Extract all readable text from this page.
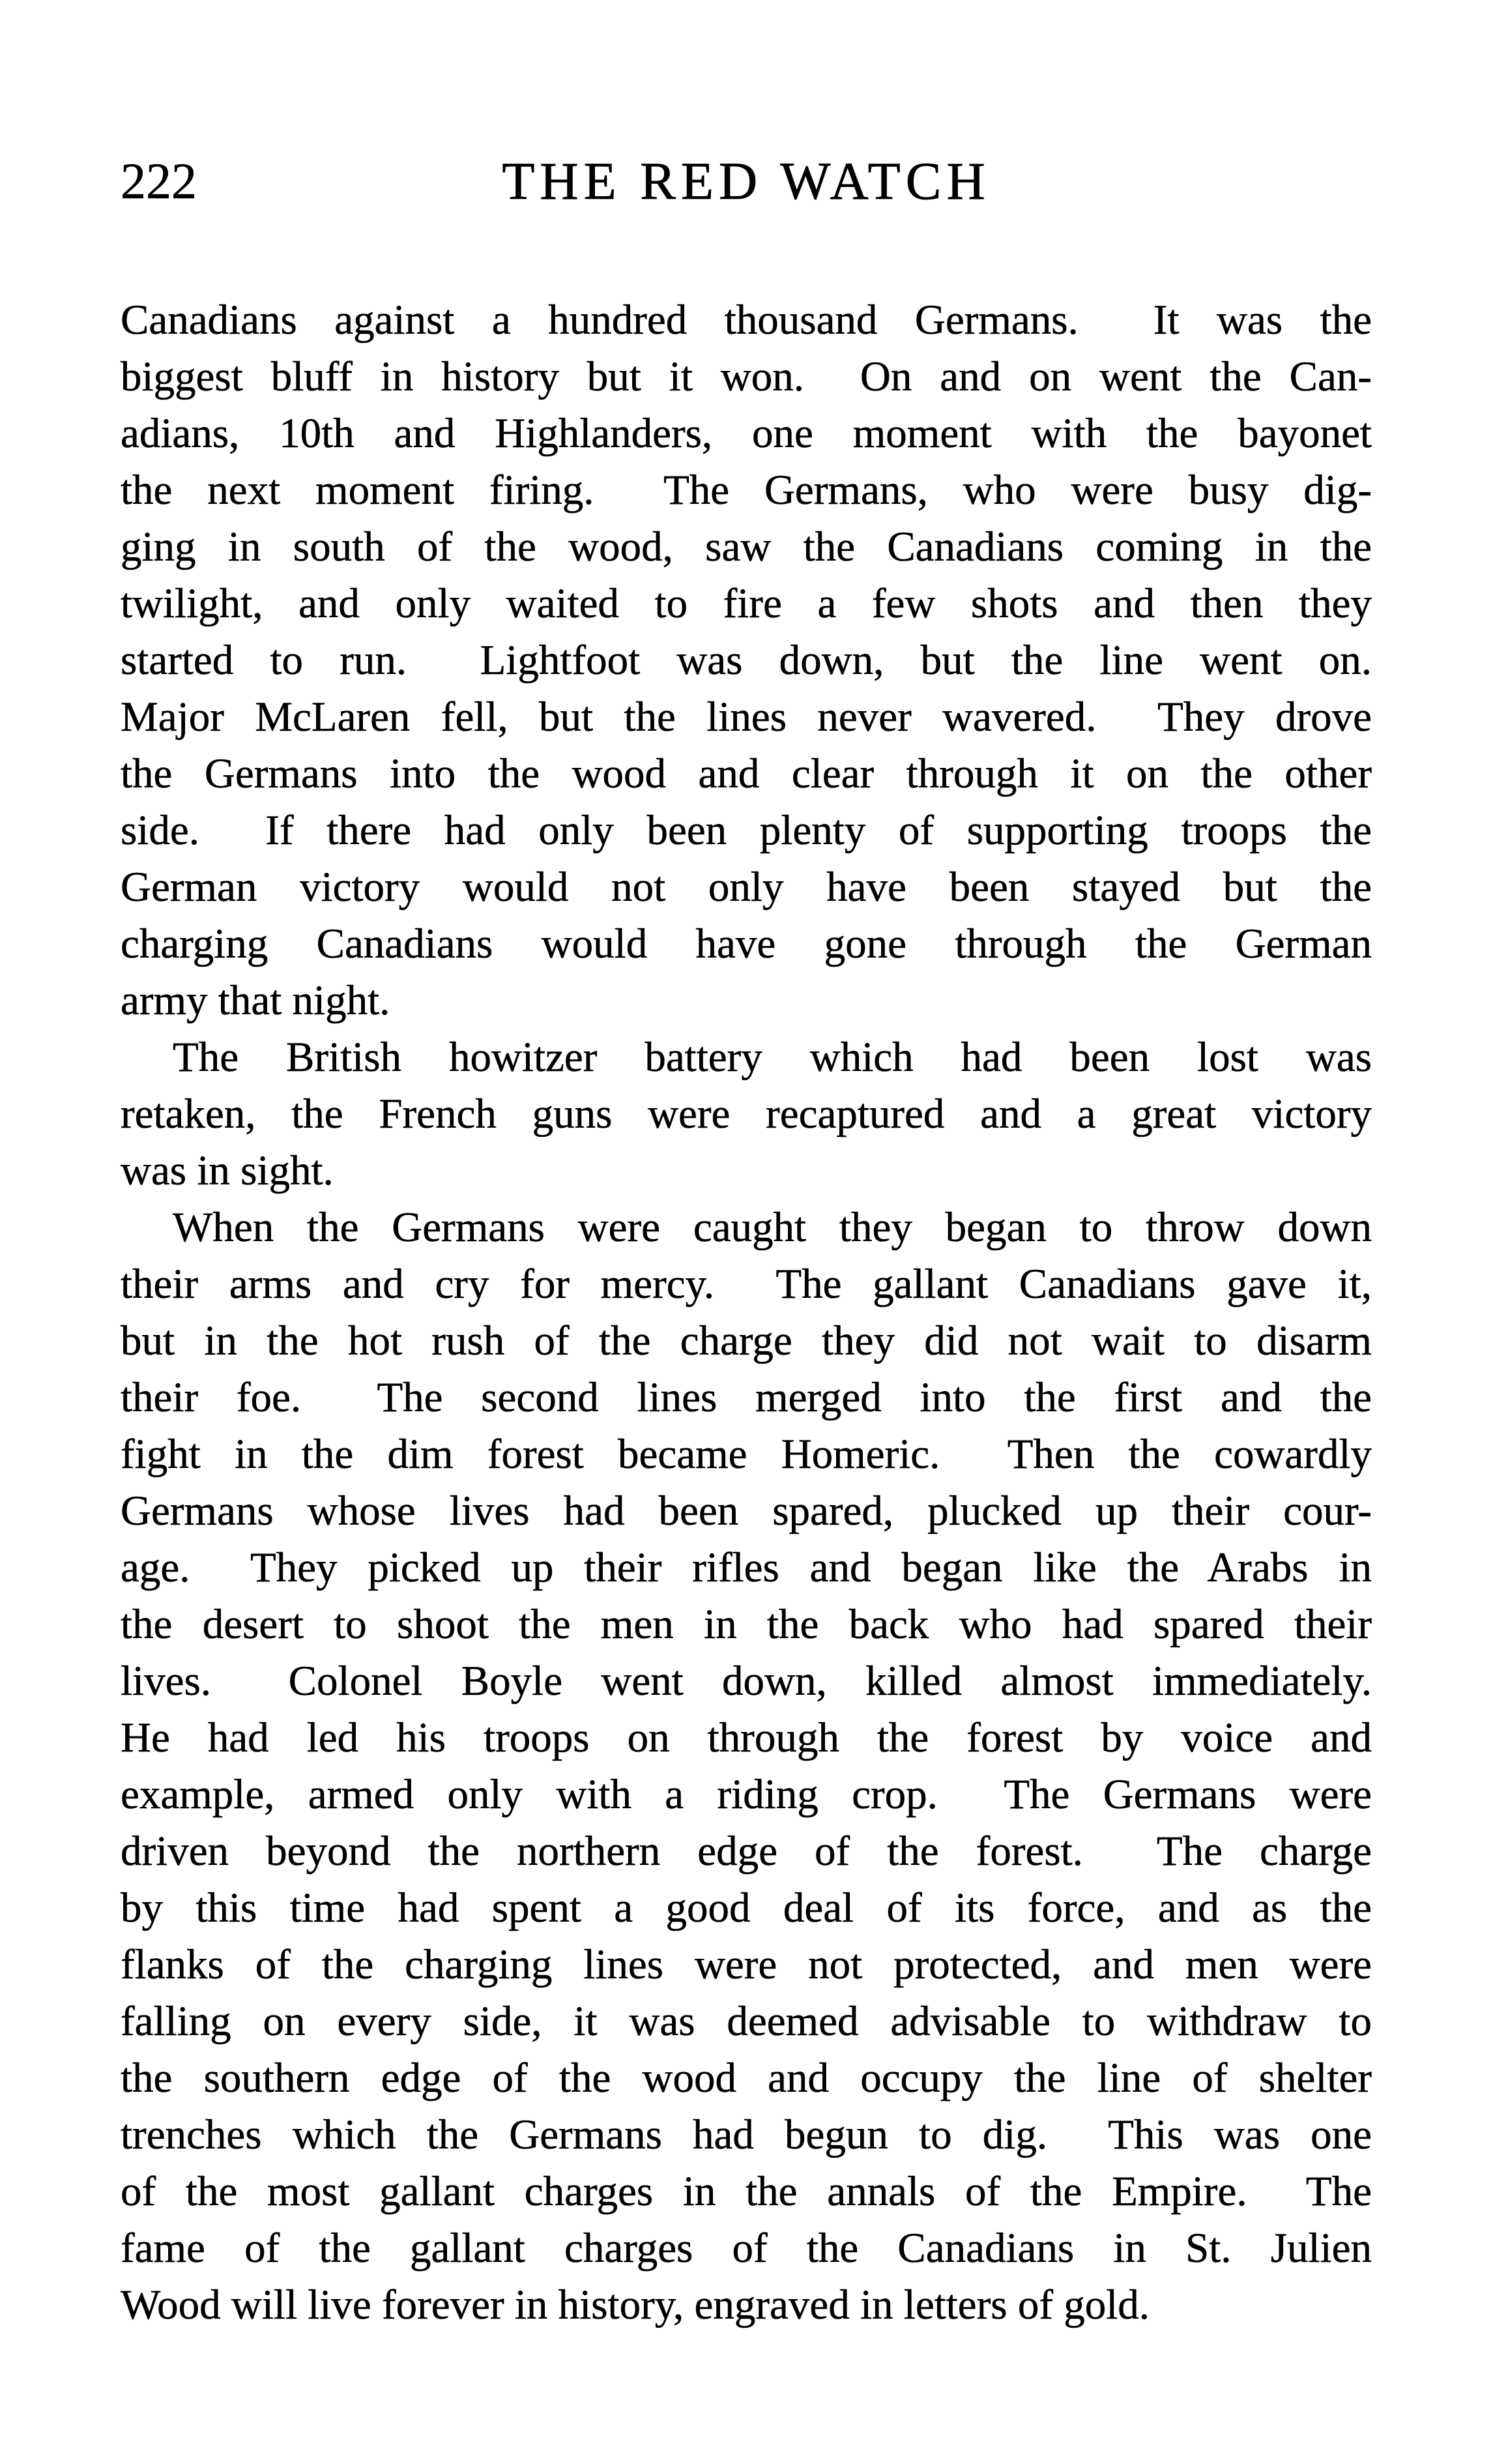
222	THE RED WATCH
Canadians against a hundred thousand Germans.  It was the
biggest bluff in history but it won.  On and on went the Can-
adians, 10th and Highlanders, one moment with the bayonet
the next moment firing.  The Germans, who were busy dig-
ging in south of the wood, saw the Canadians coming in the
twilight, and only waited to fire a few shots and then they
started to run.  Lightfoot was down, but the line went on.
Major McLaren fell, but the lines never wavered.  They drove
the Germans into the wood and clear through it on the other
side.  If there had only been plenty of supporting troops the
German victory would not only have been stayed but the
charging Canadians would have gone through the German
army that night.
The British howitzer battery which had been lost was
retaken, the French guns were recaptured and a great victory
was in sight.
When the Germans were caught they began to throw down
their arms and cry for mercy.  The gallant Canadians gave it,
but in the hot rush of the charge they did not wait to disarm
their foe.  The second lines merged into the first and the
fight in the dim forest became Homeric.  Then the cowardly
Germans whose lives had been spared, plucked up their cour-
age.  They picked up their rifles and began like the Arabs in
the desert to shoot the men in the back who had spared their
lives.  Colonel Boyle went down, killed almost immediately.
He had led his troops on through the forest by voice and
example, armed only with a riding crop.  The Germans were
driven beyond the northern edge of the forest.  The charge
by this time had spent a good deal of its force, and as the
flanks of the charging lines were not protected, and men were
falling on every side, it was deemed advisable to withdraw to
the southern edge of the wood and occupy the line of shelter
trenches which the Germans had begun to dig.  This was one
of the most gallant charges in the annals of the Empire.  The
fame of the gallant charges of the Canadians in St. Julien
Wood will live forever in history, engraved in letters of gold.
